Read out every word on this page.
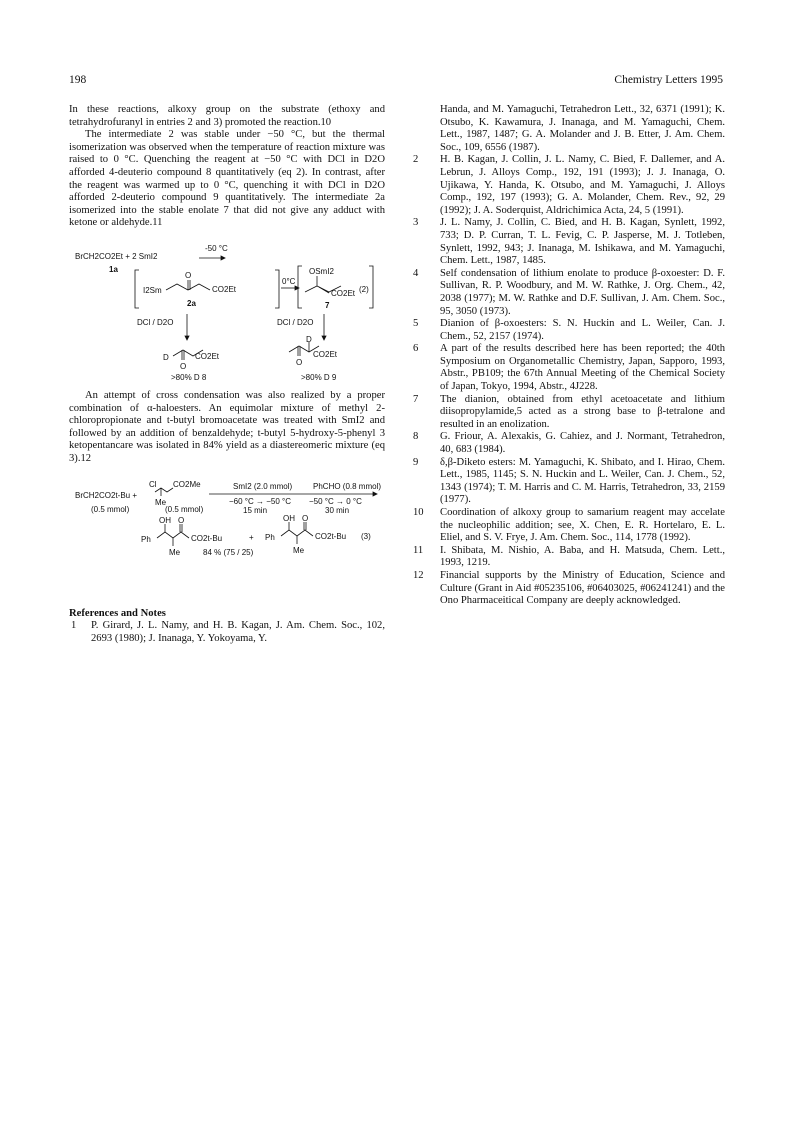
198	Chemistry Letters 1995

In these reactions, alkoxy group on the substrate (ethoxy and tetrahydrofuranyl in entries 2 and 3) promoted the reaction.10

The intermediate 2 was stable under −50 °C, but the thermal isomerization was observed when the temperature of reaction mixture was raised to 0 °C. Quenching the reagent at −50 °C with DCl in D2O afforded 4-deuterio compound 8 quantitatively (eq 2). In contrast, after the reagent was warmed up to 0 °C, quenching it with DCl in D2O afforded 2-deuterio compound 9 quantitatively. The intermediate 2a isomerized into the stable enolate 7 that did not give any adduct with ketone or aldehyde.11

BrCH2CO2Et + 2 SmI2
-50 °C
1a
I2Sm
O
CO2Et
2a
0°C
OSmI2
CO2Et
7
(2)
DCl / D2O	DCl / D2O
D
O
CO2Et
D
O
CO2Et
>80% D 8	>80% D 9

An attempt of cross condensation was also realized by a proper combination of α-haloesters. An equimolar mixture of methyl 2-chloropropionate and t-butyl bromoacetate was treated with SmI2 and followed by an addition of benzaldehyde; t-butyl 5-hydroxy-5-phenyl 3 ketopentancare was isolated in 84% yield as a diastereomeric mixture (eq 3).12

BrCH2CO2t-Bu +
Cl CO2Me
Me
(0.5 mmol)	(0.5 mmol)
SmI2 (2.0 mmol)	PhCHO (0.8 mmol)
−60 °C → −50 °C −50 °C → 0 °C
15 min	30 min
OH O
Ph	CO2t-Bu
Me
+
OH O
Ph	CO2t-Bu
Me
84 % (75 / 25)
(3)
References and Notes
1 P. Girard, J. L. Namy, and H. B. Kagan, J. Am. Chem. Soc., 102, 2693 (1980); J. Inanaga, Y. Yokoyama, Y.
Handa, and M. Yamaguchi, Tetrahedron Lett., 32, 6371 (1991); K. Otsubo, K. Kawamura, J. Inanaga, and M. Yamaguchi, Chem. Lett., 1987, 1487; G. A. Molander and J. B. Etter, J. Am. Chem. Soc., 109, 6556 (1987).
2 H. B. Kagan, J. Collin, J. L. Namy, C. Bied, F. Dallemer, and A. Lebrun, J. Alloys Comp., 192, 191 (1993); J. J. Inanaga, O. Ujikawa, Y. Handa, K. Otsubo, and M. Yamaguchi, J. Alloys Comp., 192, 197 (1993); G. A. Molander, Chem. Rev., 92, 29 (1992); J. A. Soderquist, Aldrichimica Acta, 24, 5 (1991).
3 J. L. Namy, J. Collin, C. Bied, and H. B. Kagan, Synlett, 1992, 733; D. P. Curran, T. L. Fevig, C. P. Jasperse, M. J. Totleben, Synlett, 1992, 943; J. Inanaga, M. Ishikawa, and M. Yamaguchi, Chem. Lett., 1987, 1485.
4 Self condensation of lithium enolate to produce β-oxoester: D. F. Sullivan, R. P. Woodbury, and M. W. Rathke, J. Org. Chem., 42, 2038 (1977); M. W. Rathke and D.F. Sullivan, J. Am. Chem. Soc., 95, 3050 (1973).
5 Dianion of β-oxoesters: S. N. Huckin and L. Weiler, Can. J. Chem., 52, 2157 (1974).
6 A part of the results described here has been reported; the 40th Symposium on Organometallic Chemistry, Japan, Sapporo, 1993, Abstr., PB109; the 67th Annual Meeting of the Chemical Society of Japan, Tokyo, 1994, Abstr., 4J228.
7 The dianion, obtained from ethyl acetoacetate and lithium diisopropylamide,5 acted as a strong base to β-tetralone and resulted in an enolization.
8 G. Friour, A. Alexakis, G. Cahiez, and J. Normant, Tetrahedron, 40, 683 (1984).
9 δ,β-Diketo esters: M. Yamaguchi, K. Shibato, and I. Hirao, Chem. Lett., 1985, 1145; S. N. Huckin and L. Weiler, Can. J. Chem., 52, 1343 (1974); T. M. Harris and C. M. Harris, Tetrahedron, 33, 2159 (1977).
10 Coordination of alkoxy group to samarium reagent may accelate the nucleophilic addition; see, X. Chen, E. R. Hortelaro, E. L. Eliel, and S. V. Frye, J. Am. Chem. Soc., 114, 1778 (1992).
11 I. Shibata, M. Nishio, A. Baba, and H. Matsuda, Chem. Lett., 1993, 1219.
12 Financial supports by the Ministry of Education, Science and Culture (Grant in Aid #05235106, #06403025, #06241241) and the Ono Pharmaceitical Company are deeply acknowledged.
